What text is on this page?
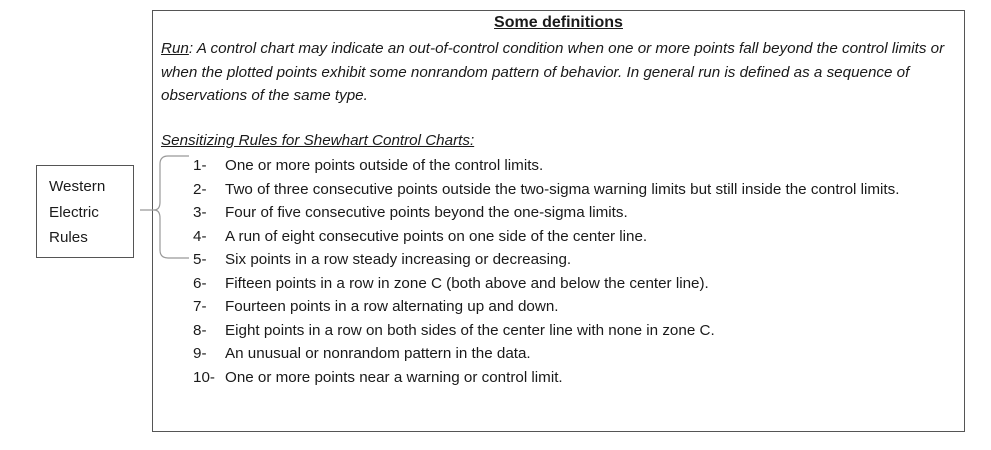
Some definitions
Run: A control chart may indicate an out-of-control condition when one or more points fall beyond the control limits or when the plotted points exhibit some nonrandom pattern of behavior. In general run is defined as a sequence of observations of the same type.
Sensitizing Rules for Shewhart Control Charts:
1-	One or more points outside of the control limits.
2-	Two of three consecutive points outside the two-sigma warning limits but still inside the control limits.
3-	Four of five consecutive points beyond the one-sigma limits.
4-	A run of eight consecutive points on one side of the center line.
5-	Six points in a row steady increasing or decreasing.
6-	Fifteen points in a row in zone C (both above and below the center line).
7-	Fourteen points in a row alternating up and down.
8-	Eight points in a row on both sides of the center line with none in zone C.
9-	An unusual or nonrandom pattern in the data.
10- One or more points near a warning or control limit.
Western
Electric
Rules
